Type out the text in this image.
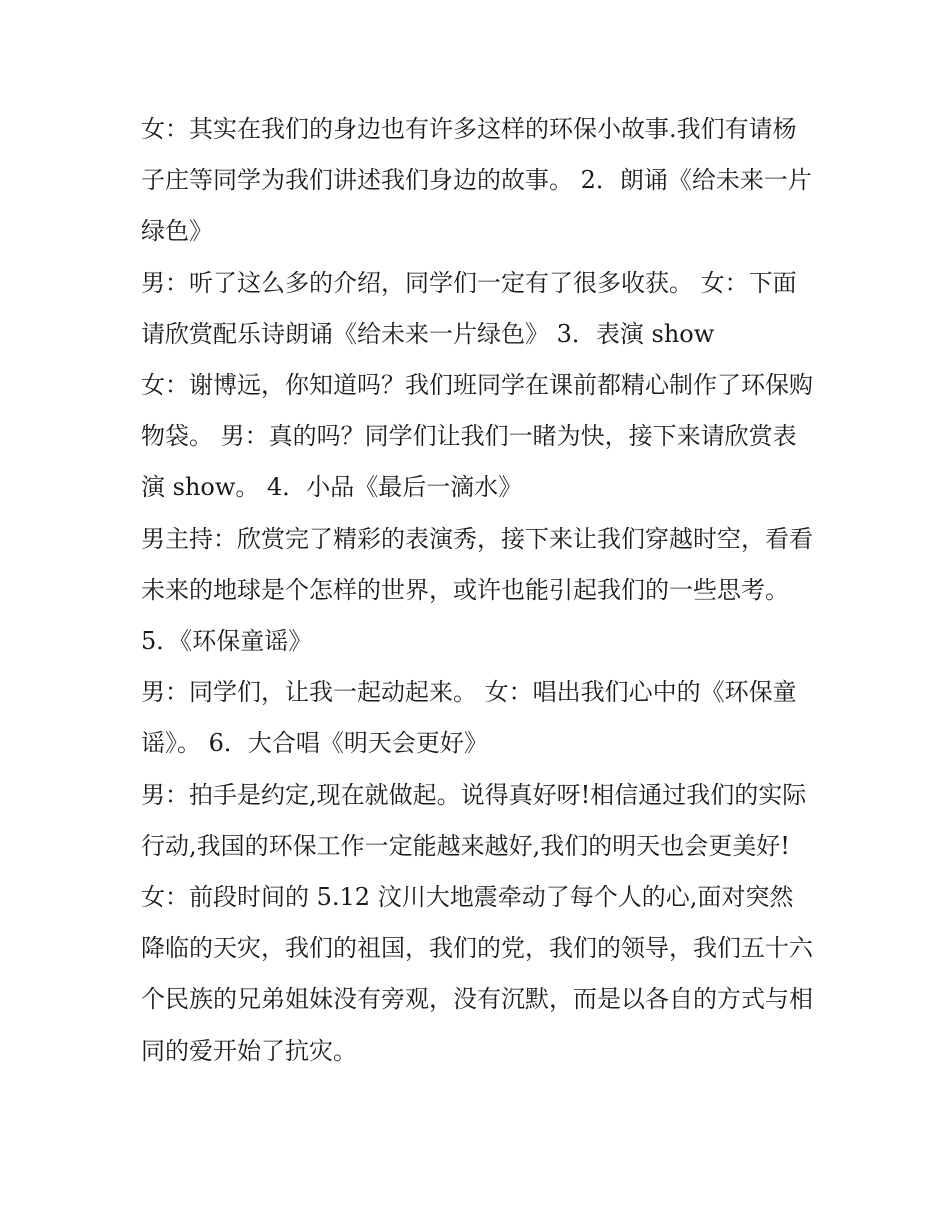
女：其实在我们的身边也有许多这样的环保小故事.我们有请杨子庄等同学为我们讲述我们身边的故事。 2．朗诵《给未来一片绿色》

男：听了这么多的介绍，同学们一定有了很多收获。 女：下面请欣赏配乐诗朗诵《给未来一片绿色》 3．表演 show

女：谢博远，你知道吗？我们班同学在课前都精心制作了环保购物袋。 男：真的吗？同学们让我们一睹为快，接下来请欣赏表演 show。 4．小品《最后一滴水》

男主持：欣赏完了精彩的表演秀，接下来让我们穿越时空，看看未来的地球是个怎样的世界，或许也能引起我们的一些思考。 5．《环保童谣》

男：同学们，让我一起动起来。 女：唱出我们心中的《环保童谣》。 6．大合唱《明天会更好》

男：拍手是约定,现在就做起。说得真好呀!相信通过我们的实际行动,我国的环保工作一定能越来越好,我们的明天也会更美好!

女：前段时间的 5.12 汶川大地震牵动了每个人的心,面对突然降临的天灾，我们的祖国，我们的党，我们的领导，我们五十六个民族的兄弟姐妹没有旁观，没有沉默，而是以各自的方式与相同的爱开始了抗灾。
